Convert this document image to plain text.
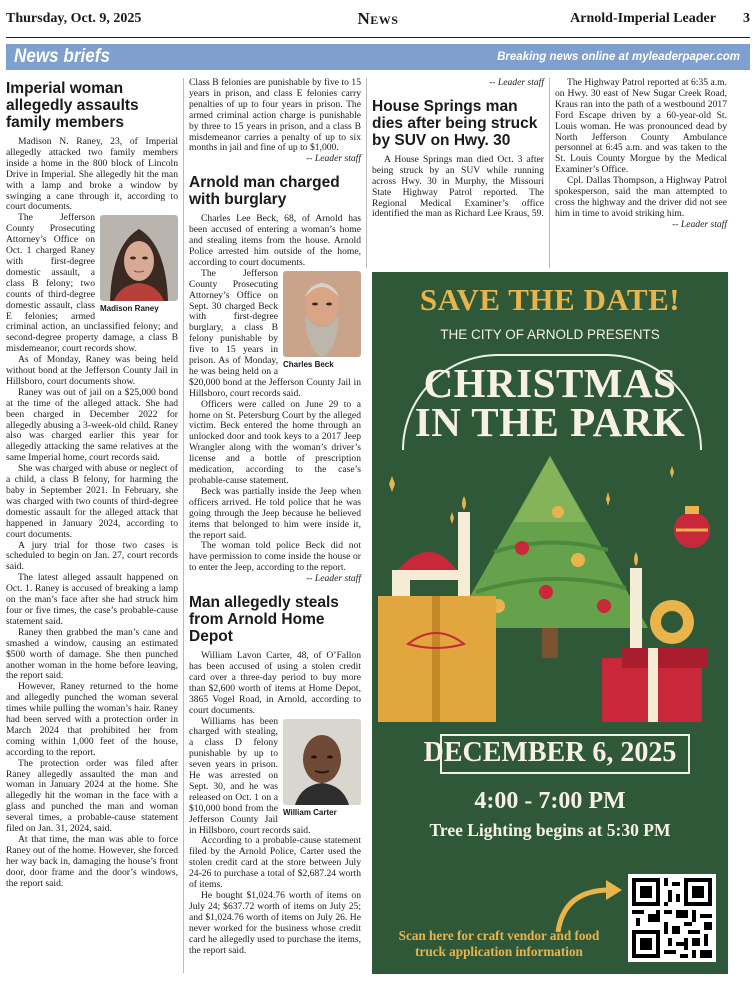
Thursday, Oct. 9, 2025	News	Arnold-Imperial Leader 3
News briefs	Breaking news online at myleaderpaper.com
Imperial woman allegedly assaults family members

Madison N. Raney, 23, of Imperial allegedly attacked two family members inside a home in the 800 block of Lincoln Drive in Imperial. She allegedly hit the man with a lamp and broke a window by swinging a cane through it, according to court documents.

Madison Raney

The Jefferson County Prosecuting Attorney’s Office on Oct. 1 charged Raney with first-degree domestic assault, a class B felony; two counts of third-degree domestic assault, class E felonies; armed criminal action, an unclassified felony; and second-degree property damage, a class B misdemeanor, court records show.

As of Monday, Raney was being held without bond at the Jefferson County Jail in Hillsboro, court documents show.

Raney was out of jail on a $25,000 bond at the time of the alleged attack. She had been charged in December 2022 for allegedly abusing a 3-week-old child. Raney also was charged earlier this year for allegedly attacking the same relatives at the same Imperial home, court records said.

She was charged with abuse or neglect of a child, a class B felony, for harming the baby in September 2021. In February, she was charged with two counts of third-degree domestic assault for the alleged attack that happened in January 2024, according to court documents.

A jury trial for those two cases is scheduled to begin on Jan. 27, court records said.

The latest alleged assault happened on Oct. 1. Raney is accused of breaking a lamp on the man’s face after she had struck him four or five times, the case’s probable-cause statement said.

Raney then grabbed the man’s cane and smashed a window, causing an estimated $500 worth of damage. She then punched another woman in the home before leaving, the report said.

However, Raney returned to the home and allegedly punched the woman several times while pulling the woman’s hair. Raney had been served with a protection order in March 2024 that prohibited her from coming within 1,000 feet of the house, according to the report.

The protection order was filed after Raney allegedly assaulted the man and woman in January 2024 at the home. She allegedly hit the woman in the face with a glass and punched the man and woman several times, a probable-cause statement filed on Jan. 31, 2024, said.

At that time, the man was able to force Raney out of the home. However, she forced her way back in, damaging the house’s front door, door frame and the door’s windows, the report said.

Class B felonies are punishable by five to 15 years in prison, and class E felonies carry penalties of up to four years in prison. The armed criminal action charge is punishable by three to 15 years in prison, and a class B misdemeanor carries a penalty of up to six months in jail and fine of up to $1,000.

-- Leader staff
Arnold man charged with burglary

Charles Lee Beck, 68, of Arnold has been accused of entering a woman’s home and stealing items from the house. Arnold Police arrested him outside of the home, according to court documents.

Charles Beck

The Jefferson County Prosecuting Attorney’s Office on Sept. 30 charged Beck with first-degree burglary, a class B felony punishable by five to 15 years in prison. As of Monday, he was being held on a $20,000 bond at the Jefferson County Jail in Hillsboro, court records said.

Officers were called on June 29 to a home on St. Petersburg Court by the alleged victim. Beck entered the home through an unlocked door and took keys to a 2017 Jeep Wrangler along with the woman’s driver’s license and a bottle of prescription medication, according to the case’s probable-cause statement.

Beck was partially inside the Jeep when officers arrived. He told police that he was going through the Jeep because he believed items that belonged to him were inside it, the report said.

The woman told police Beck did not have permission to come inside the house or to enter the Jeep, according to the report.

-- Leader staff
Man allegedly steals from Arnold Home Depot

William Lavon Carter, 48, of O’Fallon has been accused of using a stolen credit card over a three-day period to buy more than $2,600 worth of items at Home Depot, 3865 Vogel Road, in Arnold, according to court documents.

William Carter

Williams has been charged with stealing, a class D felony punishable by up to seven years in prison. He was arrested on Sept. 30, and he was released on Oct. 1 on a $10,000 bond from the Jefferson County Jail in Hillsboro, court records said.

According to a probable-cause statement filed by the Arnold Police, Carter used the stolen credit card at the store between July 24-26 to purchase a total of $2,687.24 worth of items.

He bought $1,024.76 worth of items on July 24; $637.72 worth of items on July 25; and $1,024.76 worth of items on July 26. He never worked for the business whose credit card he allegedly used to purchase the items, the report said.

-- Leader staff
House Springs man dies after being struck by SUV on Hwy. 30

A House Springs man died Oct. 3 after being struck by an SUV while running across Hwy. 30 in Murphy, the Missouri State Highway Patrol reported. The Regional Medical Examiner’s office identified the man as Richard Lee Kraus, 59.

The Highway Patrol reported at 6:35 a.m. on Hwy. 30 east of New Sugar Creek Road, Kraus ran into the path of a westbound 2017 Ford Escape driven by a 60-year-old St. Louis woman. He was pronounced dead by North Jefferson County Ambulance personnel at 6:45 a.m. and was taken to the St. Louis County Morgue by the Medical Examiner’s Office.

Cpl. Dallas Thompson, a Highway Patrol spokesperson, said the man attempted to cross the highway and the driver did not see him in time to avoid striking him.

-- Leader staff
SAVE THE DATE!
THE CITY OF ARNOLD PRESENTS
CHRISTMAS
IN THE PARK
DECEMBER 6, 2025
4:00 - 7:00 PM
Tree Lighting begins at 5:30 PM
Scan here for craft vendor and food truck application information
